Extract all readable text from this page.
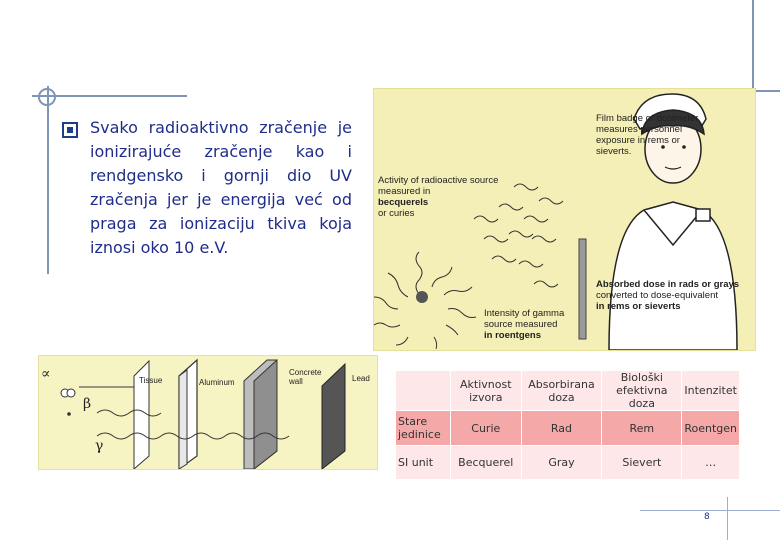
Svako radioaktivno zračenje je ionizirajuće zračenje kao i rendgensko i gornji dio UV zračenja jer je energija već od praga za ionizaciju tkiva koja iznosi oko 10 e.V.
Film badge or dosimeter
measures personnel
exposure in rems or
sieverts.
Activity of radioactive source
measured in
becquerels
or curies
Absorbed dose in rads or grays
converted to dose-equivalent
in rems or sieverts
Intensity of gamma
source measured
in roentgens
∝
β
γ
Tissue	Aluminum
Concrete
wall	Lead
		Aktivnost izvora	Absorbirana doza	Biološki efektivna doza	Intenzitet
Stare jedinice	Curie	Rad	Rem	Roentgen
SI unit	Becquerel	Gray	Sievert	…
8
